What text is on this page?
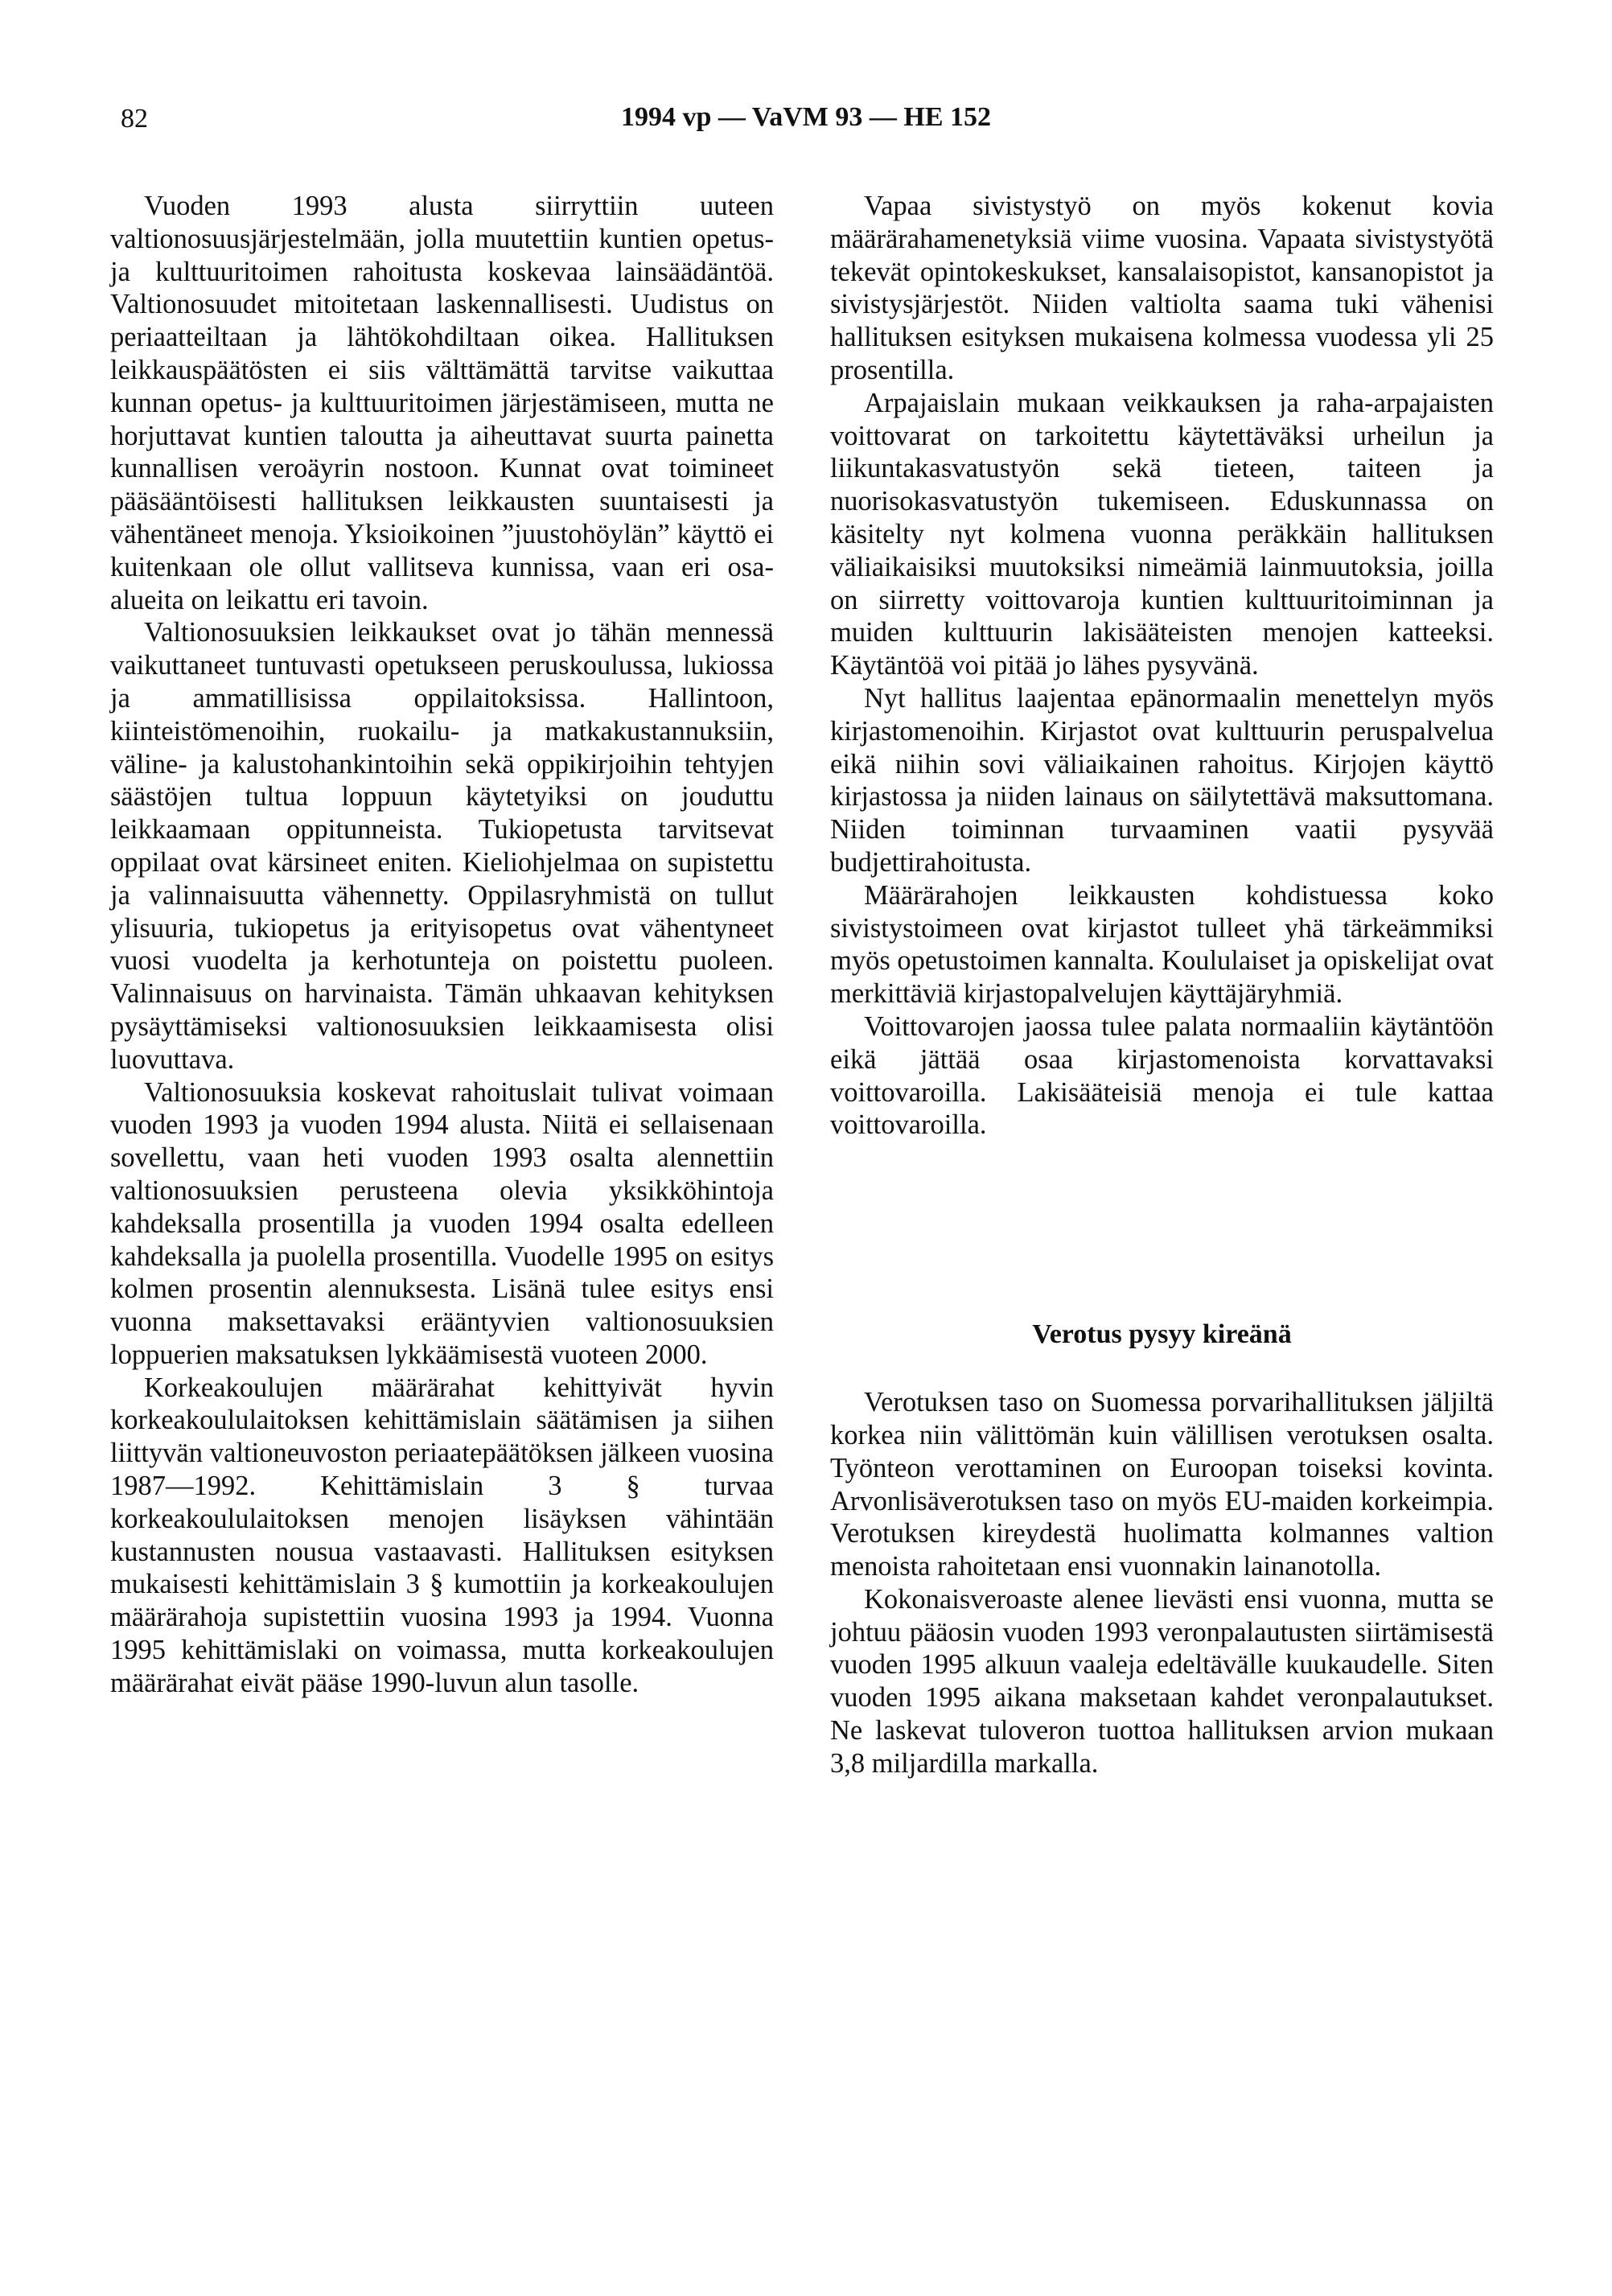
82	1994 vp — VaVM 93 — HE 152

Vuoden 1993 alusta siirryttiin uuteen valtionosuusjärjestelmään, jolla muutettiin kuntien opetus- ja kulttuuritoimen rahoitusta koskevaa lainsäädäntöä. Valtionosuudet mitoitetaan laskennallisesti. Uudistus on periaatteiltaan ja lähtökohdiltaan oikea. Hallituksen leikkauspäätösten ei siis välttämättä tarvitse vaikuttaa kunnan opetus- ja kulttuuritoimen järjestämiseen, mutta ne horjuttavat kuntien taloutta ja aiheuttavat suurta painetta kunnallisen veroäyrin nostoon. Kunnat ovat toimineet pääsääntöisesti hallituksen leikkausten suuntaisesti ja vähentäneet menoja. Yksioikoinen ”juustohöylän” käyttö ei kuitenkaan ole ollut vallitseva kunnissa, vaan eri osa-alueita on leikattu eri tavoin.

Valtionosuuksien leikkaukset ovat jo tähän mennessä vaikuttaneet tuntuvasti opetukseen peruskoulussa, lukiossa ja ammatillisissa oppilaitoksissa. Hallintoon, kiinteistömenoihin, ruokailu- ja matkakustannuksiin, väline- ja kalustohankintoihin sekä oppikirjoihin tehtyjen säästöjen tultua loppuun käytetyiksi on jouduttu leikkaamaan oppitunneista. Tukiopetusta tarvitsevat oppilaat ovat kärsineet eniten. Kieliohjelmaa on supistettu ja valinnaisuutta vähennetty. Oppilasryhmistä on tullut ylisuuria, tukiopetus ja erityisopetus ovat vähentyneet vuosi vuodelta ja kerhotunteja on poistettu puoleen. Valinnaisuus on harvinaista. Tämän uhkaavan kehityksen pysäyttämiseksi valtionosuuksien leikkaamisesta olisi luovuttava.

Valtionosuuksia koskevat rahoituslait tulivat voimaan vuoden 1993 ja vuoden 1994 alusta. Niitä ei sellaisenaan sovellettu, vaan heti vuoden 1993 osalta alennettiin valtionosuuksien perusteena olevia yksikköhintoja kahdeksalla prosentilla ja vuoden 1994 osalta edelleen kahdeksalla ja puolella prosentilla. Vuodelle 1995 on esitys kolmen prosentin alennuksesta. Lisänä tulee esitys ensi vuonna maksettavaksi erääntyvien valtionosuuksien loppuerien maksatuksen lykkäämisestä vuoteen 2000.

Korkeakoulujen määrärahat kehittyivät hyvin korkeakoululaitoksen kehittämislain säätämisen ja siihen liittyvän valtioneuvoston periaatepäätöksen jälkeen vuosina 1987—1992. Kehittämislain 3 § turvaa korkeakoululaitoksen menojen lisäyksen vähintään kustannusten nousua vastaavasti. Hallituksen esityksen mukaisesti kehittämislain 3 § kumottiin ja korkeakoulujen määrärahoja supistettiin vuosina 1993 ja 1994. Vuonna 1995 kehittämislaki on voimassa, mutta korkeakoulujen määrärahat eivät pääse 1990-luvun alun tasolle.

Vapaa sivistystyö on myös kokenut kovia määrärahamenetyksiä viime vuosina. Vapaata sivistystyötä tekevät opintokeskukset, kansalaisopistot, kansanopistot ja sivistysjärjestöt. Niiden valtiolta saama tuki vähenisi hallituksen esityksen mukaisena kolmessa vuodessa yli 25 prosentilla.

Arpajaislain mukaan veikkauksen ja raha-arpajaisten voittovarat on tarkoitettu käytettäväksi urheilun ja liikuntakasvatustyön sekä tieteen, taiteen ja nuorisokasvatustyön tukemiseen. Eduskunnassa on käsitelty nyt kolmena vuonna peräkkäin hallituksen väliaikaisiksi muutoksiksi nimeämiä lainmuutoksia, joilla on siirretty voittovaroja kuntien kulttuuritoiminnan ja muiden kulttuurin lakisääteisten menojen katteeksi. Käytäntöä voi pitää jo lähes pysyvänä.

Nyt hallitus laajentaa epänormaalin menettelyn myös kirjastomenoihin. Kirjastot ovat kulttuurin peruspalvelua eikä niihin sovi väliaikainen rahoitus. Kirjojen käyttö kirjastossa ja niiden lainaus on säilytettävä maksuttomana. Niiden toiminnan turvaaminen vaatii pysyvää budjettirahoitusta.

Määrärahojen leikkausten kohdistuessa koko sivistystoimeen ovat kirjastot tulleet yhä tärkeämmiksi myös opetustoimen kannalta. Koululaiset ja opiskelijat ovat merkittäviä kirjastopalvelujen käyttäjäryhmiä.

Voittovarojen jaossa tulee palata normaaliin käytäntöön eikä jättää osaa kirjastomenoista korvattavaksi voittovaroilla. Lakisääteisiä menoja ei tule kattaa voittovaroilla.

Verotus pysyy kireänä

Verotuksen taso on Suomessa porvarihallituksen jäljiltä korkea niin välittömän kuin välillisen verotuksen osalta. Työnteon verottaminen on Euroopan toiseksi kovinta. Arvonlisäverotuksen taso on myös EU-maiden korkeimpia. Verotuksen kireydestä huolimatta kolmannes valtion menoista rahoitetaan ensi vuonnakin lainanotolla.

Kokonaisveroaste alenee lievästi ensi vuonna, mutta se johtuu pääosin vuoden 1993 veronpalautusten siirtämisestä vuoden 1995 alkuun vaaleja edeltävälle kuukaudelle. Siten vuoden 1995 aikana maksetaan kahdet veronpalautukset. Ne laskevat tuloveron tuottoa hallituksen arvion mukaan 3,8 miljardilla markalla.
